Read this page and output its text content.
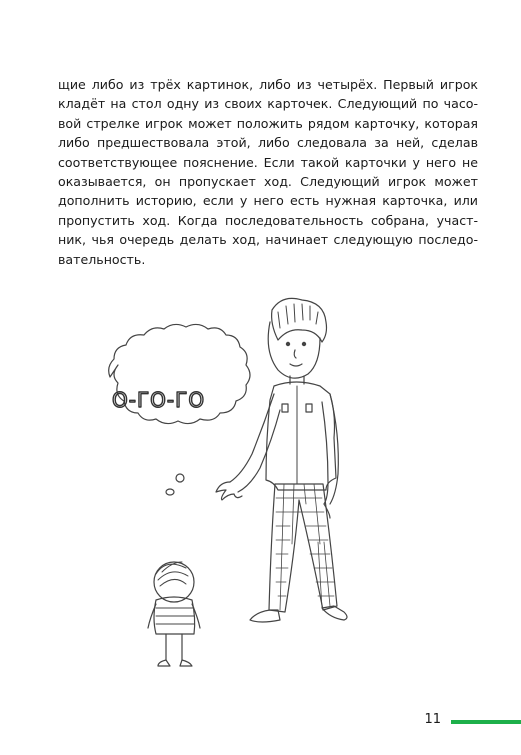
щие либо из трёх картинок, либо из четырёх. Первый игрок
кладёт на стол одну из своих карточек. Следующий по часо-
вой стрелке игрок может положить рядом карточку, которая
либо предшествовала этой, либо следовала за ней, сделав
соответствующее пояснение. Если такой карточки у него не
оказывается, он пропускает ход. Следующий игрок может
дополнить историю, если у него есть нужная карточка, или
пропустить ход. Когда последовательность собрана, участ-
ник, чья очередь делать ход, начинает следующую последо-
вательность.
О-ГО-ГО
11
